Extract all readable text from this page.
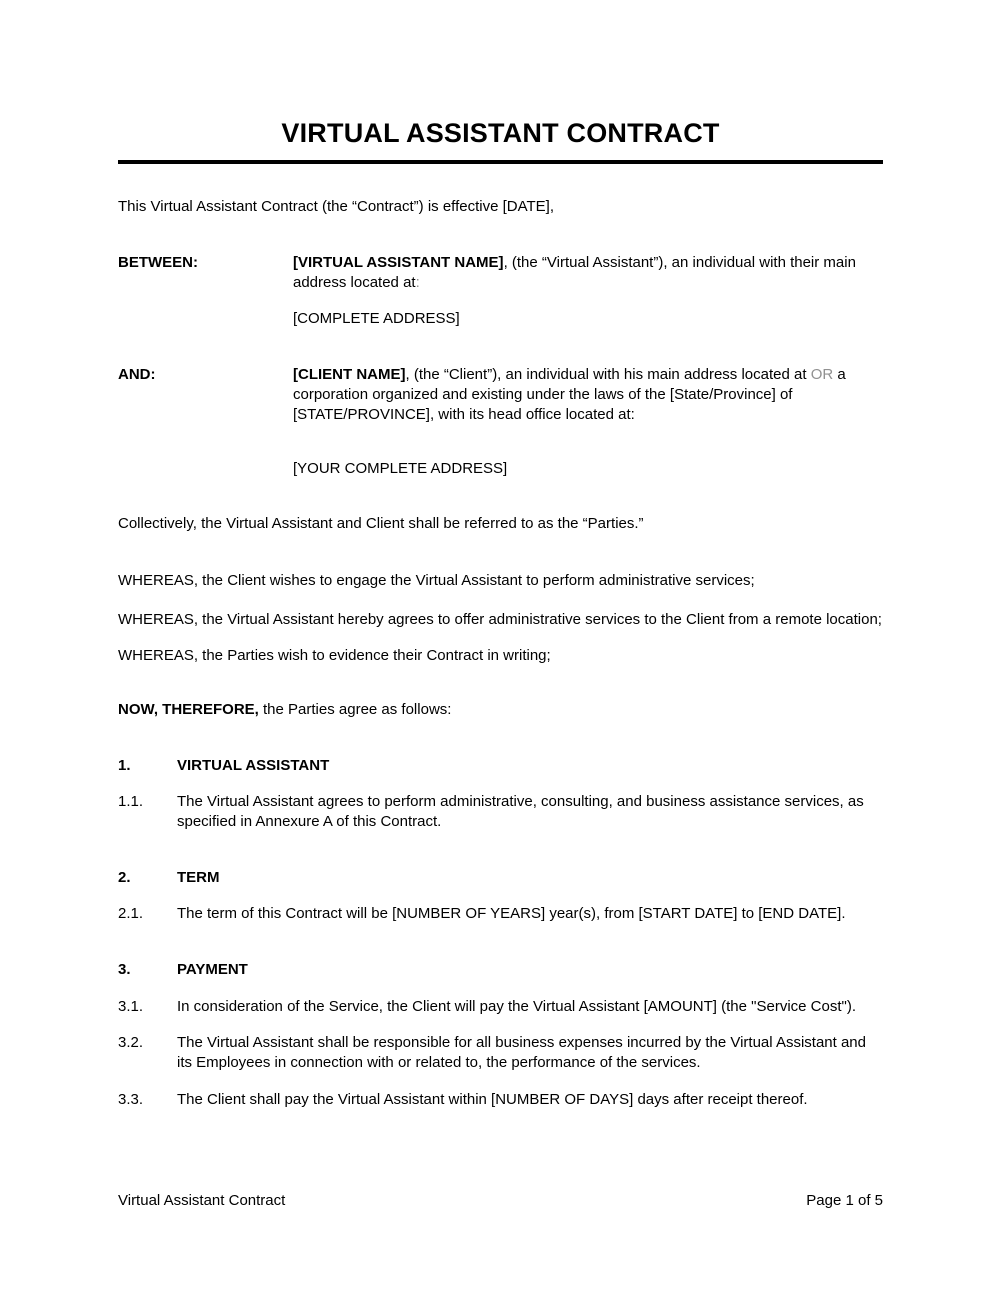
VIRTUAL ASSISTANT CONTRACT

This Virtual Assistant Contract (the “Contract”) is effective [DATE],

BETWEEN:	[VIRTUAL ASSISTANT NAME], (the “Virtual Assistant”), an individual with their main address located at:
[COMPLETE ADDRESS]
AND:	[CLIENT NAME], (the “Client”), an individual with his main address located at OR a corporation organized and existing under the laws of the [State/Province] of [STATE/PROVINCE], with its head office located at:
[YOUR COMPLETE ADDRESS]

Collectively, the Virtual Assistant and Client shall be referred to as the “Parties.”

WHEREAS, the Client wishes to engage the Virtual Assistant to perform administrative services;

WHEREAS, the Virtual Assistant hereby agrees to offer administrative services to the Client from a remote location;

WHEREAS, the Parties wish to evidence their Contract in writing;

NOW, THEREFORE, the Parties agree as follows:

1.	VIRTUAL ASSISTANT
1.1.	The Virtual Assistant agrees to perform administrative, consulting, and business assistance services, as specified in Annexure A of this Contract.
2.	TERM
2.1.	The term of this Contract will be [NUMBER OF YEARS] year(s), from [START DATE] to [END DATE].
3.	PAYMENT
3.1.	In consideration of the Service, the Client will pay the Virtual Assistant [AMOUNT] (the "Service Cost").
3.2.	The Virtual Assistant shall be responsible for all business expenses incurred by the Virtual Assistant and its Employees in connection with or related to, the performance of the services.
3.3.	The Client shall pay the Virtual Assistant within [NUMBER OF DAYS] days after receipt thereof.
Virtual Assistant Contract	Page 1 of 5
